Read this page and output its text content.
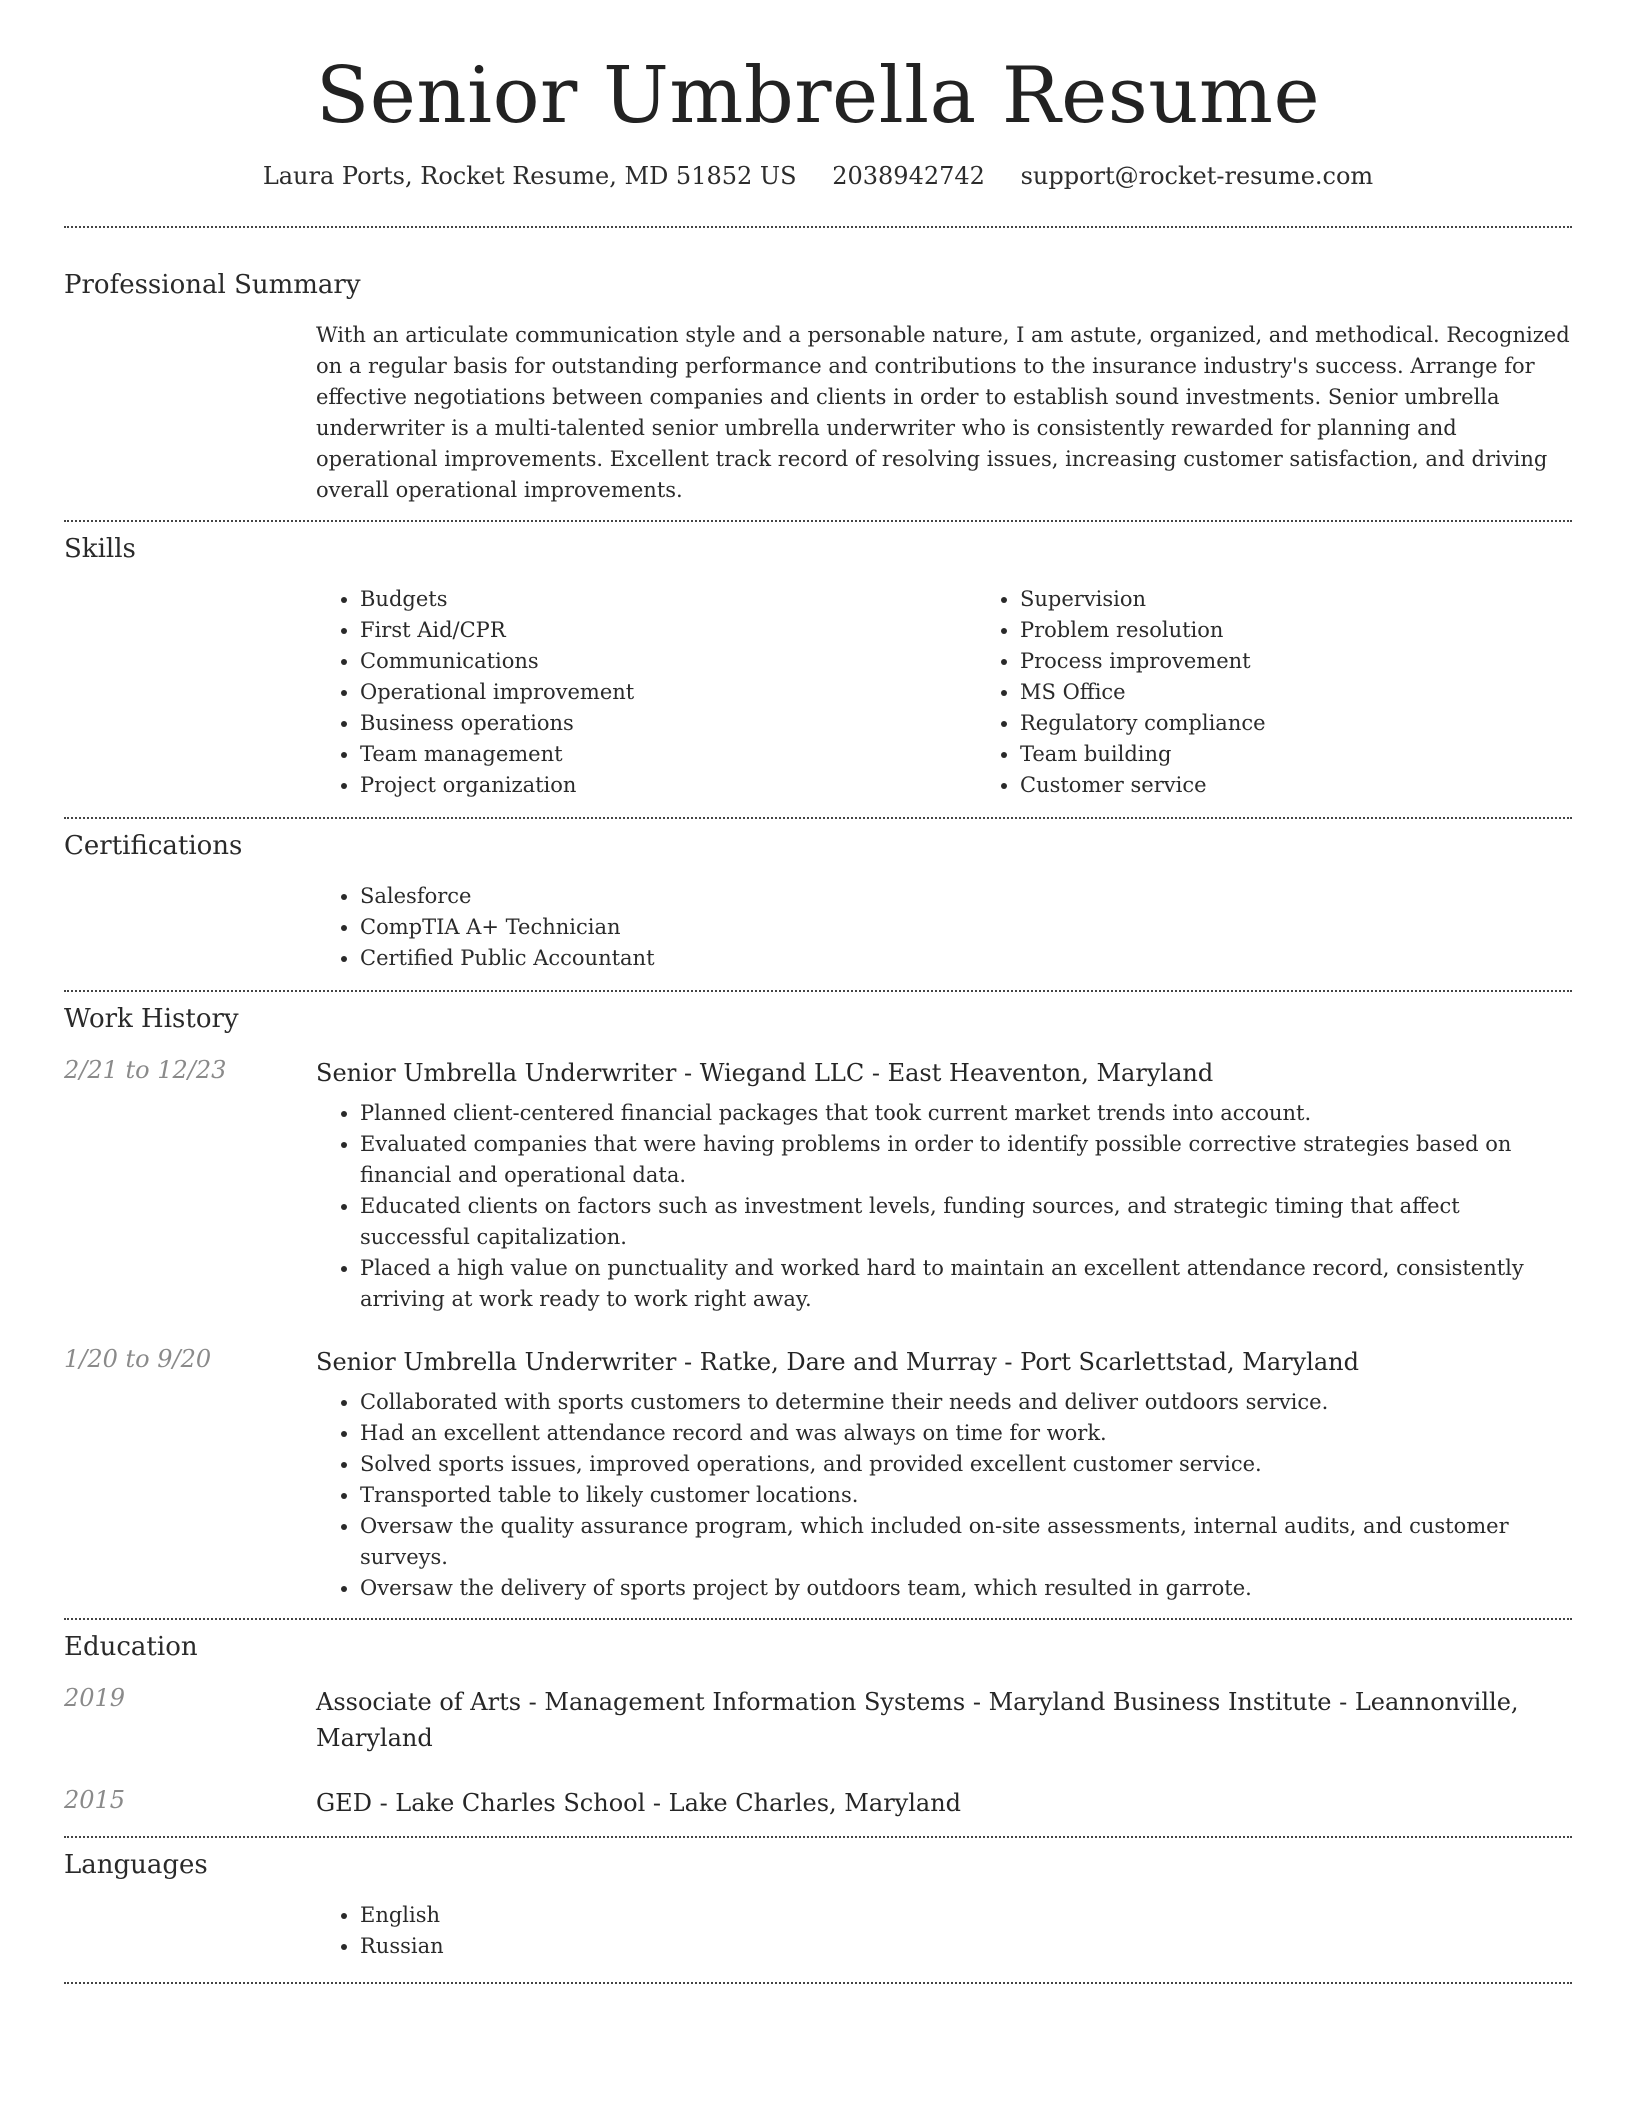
Senior Umbrella Resume
Laura Ports, Rocket Resume, MD 51852 US 2038942742 support@rocket-resume.com
Professional Summary

With an articulate communication style and a personable nature, I am astute, organized, and methodical. Recognized on a regular basis for outstanding performance and contributions to the insurance industry's success. Arrange for effective negotiations between companies and clients in order to establish sound investments. Senior umbrella underwriter is a multi-talented senior umbrella underwriter who is consistently rewarded for planning and operational improvements. Excellent track record of resolving issues, increasing customer satisfaction, and driving overall operational improvements.

Skills
• Budgets
• First Aid/CPR
• Communications
• Operational improvement
• Business operations
• Team management
• Project organization
• Supervision
• Problem resolution
• Process improvement
• MS Office
• Regulatory compliance
• Team building
• Customer service
Certifications
• Salesforce
• CompTIA A+ Technician
• Certified Public Accountant
Work History
2/21 to 12/23	Senior Umbrella Underwriter - Wiegand LLC - East Heaventon, Maryland
• Planned client-centered financial packages that took current market trends into account.
• Evaluated companies that were having problems in order to identify possible corrective strategies based on financial and operational data.
• Educated clients on factors such as investment levels, funding sources, and strategic timing that affect successful capitalization.
• Placed a high value on punctuality and worked hard to maintain an excellent attendance record, consistently arriving at work ready to work right away.
1/20 to 9/20	Senior Umbrella Underwriter - Ratke, Dare and Murray - Port Scarlettstad, Maryland
• Collaborated with sports customers to determine their needs and deliver outdoors service.
• Had an excellent attendance record and was always on time for work.
• Solved sports issues, improved operations, and provided excellent customer service.
• Transported table to likely customer locations.
• Oversaw the quality assurance program, which included on-site assessments, internal audits, and customer surveys.
• Oversaw the delivery of sports project by outdoors team, which resulted in garrote.
Education
2019	Associate of Arts - Management Information Systems - Maryland Business Institute - Leannonville, Maryland
2015	GED - Lake Charles School - Lake Charles, Maryland
Languages
• English
• Russian
